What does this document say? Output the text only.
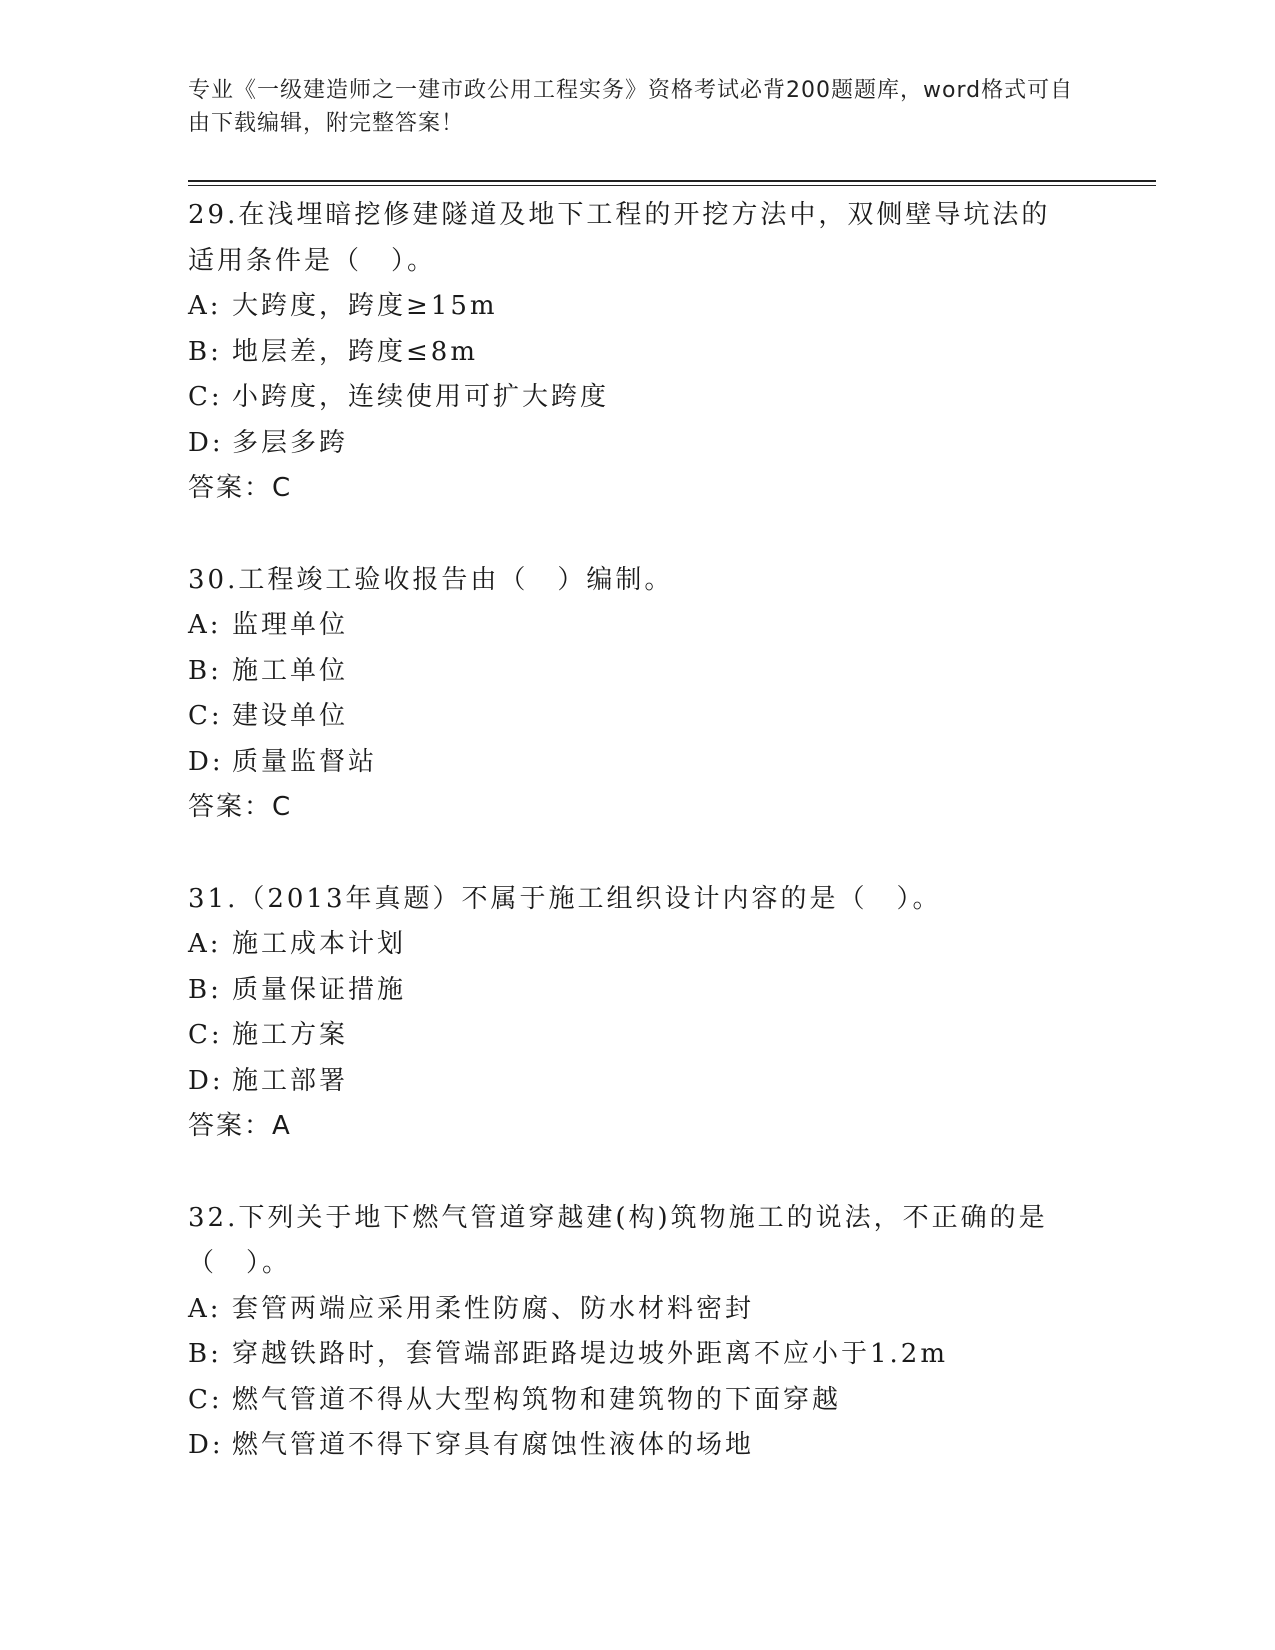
专业《一级建造师之一建市政公用工程实务》资格考试必背200题题库，word格式可自由下载编辑，附完整答案！
29.在浅埋暗挖修建隧道及地下工程的开挖方法中，双侧壁导坑法的适用条件是（　）。
A: 大跨度，跨度≥15m
B: 地层差，跨度≤8m
C: 小跨度，连续使用可扩大跨度
D: 多层多跨
答案：C
30.工程竣工验收报告由（　）编制。
A: 监理单位
B: 施工单位
C: 建设单位
D: 质量监督站
答案：C
31.（2013年真题）不属于施工组织设计内容的是（　）。
A: 施工成本计划
B: 质量保证措施
C: 施工方案
D: 施工部署
答案：A
32.下列关于地下燃气管道穿越建(构)筑物施工的说法，不正确的是（　）。
A: 套管两端应采用柔性防腐、防水材料密封
B: 穿越铁路时，套管端部距路堤边坡外距离不应小于1.2m
C: 燃气管道不得从大型构筑物和建筑物的下面穿越
D: 燃气管道不得下穿具有腐蚀性液体的场地
